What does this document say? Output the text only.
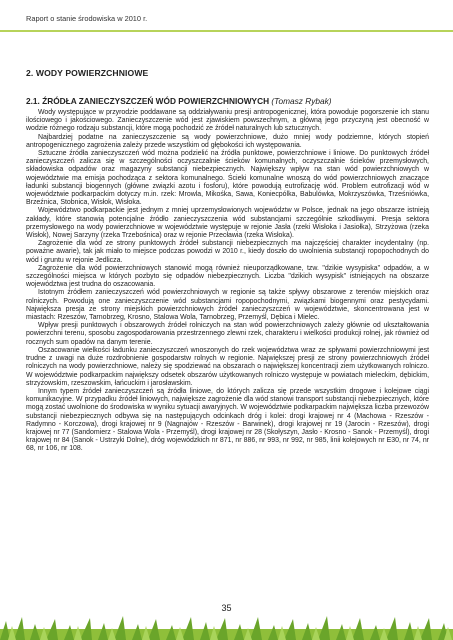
Raport o stanie środowiska w 2010 r.
2. WODY POWIERZCHNIOWE
2.1. ŹRÓDŁA ZANIECZYSZCZEŃ WÓD POWIERZCHNIOWYCH (Tomasz Rybak)

Wody występujące w przyrodzie poddawane są oddziaływaniu presji antropogenicznej, która powoduje pogorszenie ich stanu ilościowego i jakościowego. Zanieczyszczenie wód jest zjawiskiem powszechnym, a główną jego przyczyną jest obecność w wodzie różnego rodzaju substancji, które mogą pochodzić ze źródeł naturalnych lub sztucznych.

Najbardziej podatne na zanieczyszczenie są wody powierzchniowe, dużo mniej wody podziemne, których stopień antropogenicznego zagrożenia zależy przede wszystkim od głębokości ich występowania.

Sztuczne źródła zanieczyszczeń wód można podzielić na źródła punktowe, powierzchniowe i liniowe. Do punktowych źródeł zanieczyszczeń zalicza się w szczególności oczyszczalnie ścieków komunalnych, oczyszczalnie ścieków przemysłowych, składowiska odpadów oraz magazyny substancji niebezpiecznych. Największy wpływ na stan wód powierzchniowych w województwie ma emisja pochodząca z sektora komunalnego. Ścieki komunalne wnoszą do wód powierzchniowych znaczące ładunki substancji biogennych (główne związki azotu i fosforu), które powodują eutrofizację wód. Problem eutrofizacji wód w województwie podkarpackim dotyczy m.in. rzek: Mrowla, Mikośka, Sawa, Koniecpólka, Babulówka, Mokrzyszówka, Trześniówka, Brzeźnica, Stobnica, Wisłok, Wisłoka.

Województwo podkarpackie jest jednym z mniej uprzemysłowionych województw w Polsce, jednak na jego obszarze istnieją zakłady, które stanowią potencjalne źródło zanieczyszczenia wód substancjami szczególnie szkodliwymi. Presja sektora przemysłowego na wody powierzchniowe w województwie występuje w rejonie Jasła (rzeki Wisłoka i Jasiołka), Strzyżowa (rzeka Wisłok), Nowej Sarzyny (rzeka Trzebośnica) oraz w rejonie Przecławia (rzeka Wisłoka).

Zagrożenie dla wód ze strony punktowych źródeł substancji niebezpiecznych ma najczęściej charakter incydentalny (np. poważne awarie), tak jak miało to miejsce podczas powodzi w 2010 r., kiedy doszło do uwolnienia substancji ropopochodnych do wód i gruntu w rejonie Jedlicza.

Zagrożenie dla wód powierzchniowych stanowić mogą również nieuporządkowane, tzw. "dzikie wysypiska" odpadów, a w szczególności miejsca w których pozbyto się odpadów niebezpiecznych. Liczba "dzikich wysypisk" istniejących na obszarze województwa jest trudna do oszacowania.

Istotnym źródłem zanieczyszczeń wód powierzchniowych w regionie są także spływy obszarowe z terenów miejskich oraz rolniczych. Powodują one zanieczyszczenie wód substancjami ropopochodnymi, związkami biogennymi oraz pestycydami. Największa presja ze strony miejskich powierzchniowych źródeł zanieczyszczeń w województwie, skoncentrowana jest w miastach: Rzeszów, Tarnobrzeg, Krosno, Stalowa Wola, Tarnobrzeg, Przemyśl, Dębica i Mielec.

Wpływ presji punktowych i obszarowych źródeł rolniczych na stan wód powierzchniowych zależy głównie od ukształtowania powierzchni terenu, sposobu zagospodarowania przestrzennego zlewni rzek, charakteru i wielkości produkcji rolnej, jak również od rocznych sum opadów na danym terenie.

Oszacowanie wielkości ładunku zanieczyszczeń wnoszonych do rzek województwa wraz ze spływami powierzchniowymi jest trudne z uwagi na duże rozdrobnienie gospodarstw rolnych w regionie. Największej presji ze strony powierzchniowych źródeł rolniczych na wody powierzchniowe, należy się spodziewać na obszarach o największej koncentracji ziem użytkowanych rolniczo. W województwie podkarpackim największy odsetek obszarów użytkowanych rolniczo występuje w powiatach mieleckim, dębickim, strzyżowskim, rzeszowskim, łańcuckim i jarosławskim.

Innym typem źródeł zanieczyszczeń są źródła liniowe, do których zalicza się przede wszystkim drogowe i kolejowe ciągi komunikacyjne. W przypadku źródeł liniowych, największe zagrożenie dla wód stanowi transport substancji niebezpiecznych, które mogą zostać uwolnione do środowiska w wyniku sytuacji awaryjnych. W województwie podkarpackim największa liczba przewozów substancji niebezpiecznych odbywa się na następujących odcinkach dróg i kolei: drogi krajowej nr 4 (Machowa - Rzeszów - Radymno - Korczowa), drogi krajowej nr 9 (Nagnajów - Rzeszów - Barwinek), drogi krajowej nr 19 (Jarocin - Rzeszów), drogi krajowej nr 77 (Sandomierz - Stalowa Wola - Przemyśl), drogi krajowej nr 28 (Skołyszyn, Jasło - Krosno - Sanok - Przemyśl), drogi krajowej nr 84 (Sanok - Ustrzyki Dolne), dróg wojewódzkich nr 871, nr 886, nr 993, nr 992, nr 985, linii kolejowych nr E30, nr 74, nr 68, nr 106, nr 108.

35
